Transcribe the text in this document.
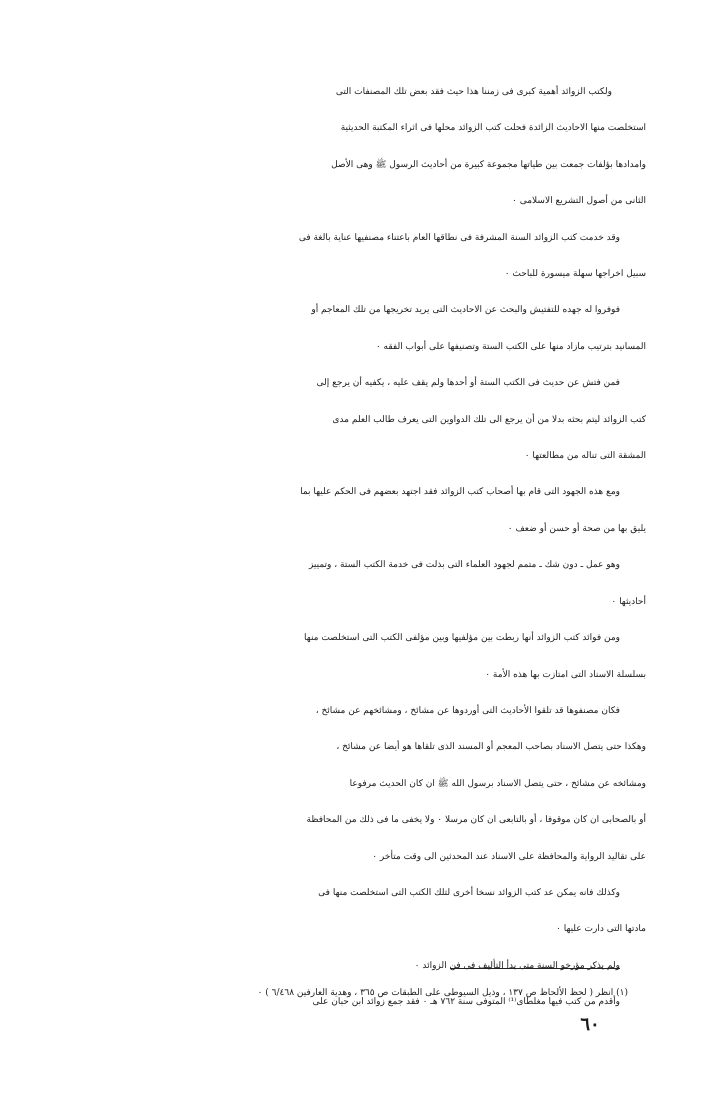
ولكتب الزوائد أهمية كبرى فى زمننا هذا حيث فقد بعض تلك المصنفات التى
استخلصت منها الاحاديث الزائدة فحلت كتب الزوائد محلها فى اثراء المكتبة الحديثية
وامدادها بؤلفات جمعت بين طياتها مجموعة كبيرة من أحاديث الرسول ﷺ وهى الأصل
الثانى من أصول التشريع الاسلامى ٠
وقد خدمت كتب الزوائد السنة المشرفة فى نطاقها العام باعتناء مصنفيها عناية بالغة فى
سبيل اخراجها سهلة ميسورة للباحث ٠
فوفروا له جهده للتفتيش والبحث عن الاحاديث التى يريد تخريجها من تلك المعاجم أو
المسانيد بترتيب مازاد منها على الكتب الستة وتصنيفها على أبواب الفقه ٠
فمن فتش عن حديث فى الكتب الستة أو أحدها ولم يقف عليه ، يكفيه أن يرجع إلى
كتب الزوائد ليتم بحثه بدلا من أن يرجع الى تلك الدواوين التى يعرف طالب العلم مدى
المشقة التى تناله من مطالعتها ٠
ومع هذه الجهود التى قام بها أصحاب كتب الزوائد فقد اجتهد بعضهم فى الحكم عليها بما
يليق بها من صحة أو حسن أو ضعف ٠
وهو عمل ـ دون شك ـ متمم لجهود العلماء التى بذلت فى خدمة الكتب الستة ، وتمييز
أحاديثها ٠
ومن فوائد كتب الزوائد أنها ربطت بين مؤلفيها وبين مؤلفى الكتب التى استخلصت منها
بسلسلة الاسناد التى امتازت بها هذه الأمة ٠
فكان مصنفوها قد تلقوا الأحاديث التى أوردوها عن مشائخ ، ومشائخهم عن مشائخ ،
وهكذا حتى يتصل الاسناد بصاحب المعجم أو المسند الذى تلقاها هو أيضا عن مشائخ ،
ومشائخه عن مشائخ ، حتى يتصل الاسناد برسول الله ﷺ ان كان الحديث مرفوعا
أو بالصحابى ان كان موقوفا ، أو بالتابعى ان كان مرسلا ٠ ولا يخفى ما فى ذلك من المحافظة
على تقاليد الرواية والمحافظة على الاسناد عند المحدثين الى وقت متأخر ٠
وكذلك فانه يمكن عد كتب الزوائد نسخا أخرى لتلك الكتب التى استخلصت منها فى
مادتها التى دارت عليها ٠
ولم يذكر مؤرخو السنة متى بدأ التأليف فى فن الزوائد ٠
وأقدم من كتب فيها مغلطاى⁽¹⁾ المتوفى سنة ٧٦٢ هـ ٠ فقد جمع زوائد ابن حبان على
(١) انظر ( لحظ الألحاظ ص ١٣٧ ، وذيل السيوطى على الطبقات ص ٣٦٥ ، وهدية العارفين ٦/٤٦٨ ) ٠
٦٠
